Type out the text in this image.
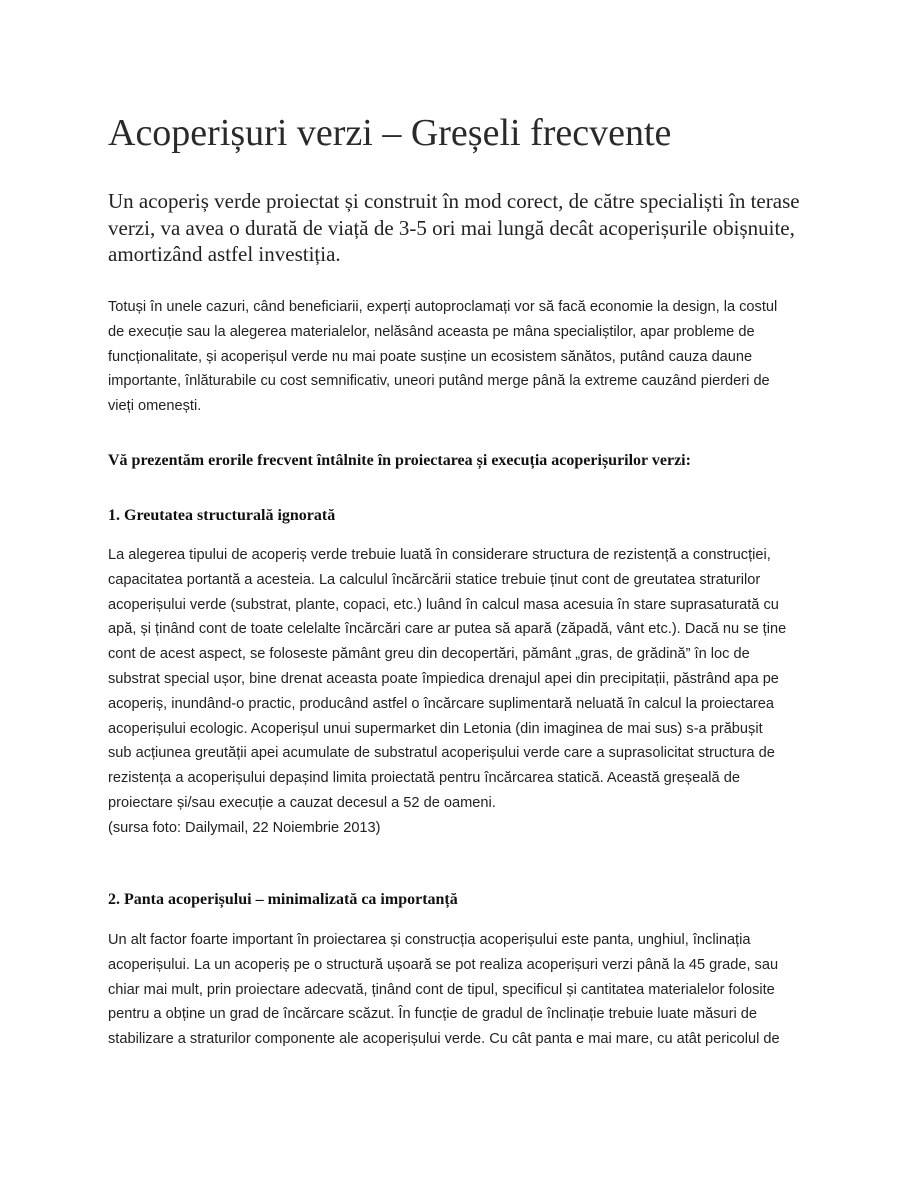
Acoperișuri verzi – Greșeli frecvente
Un acoperiș verde proiectat și construit în mod corect, de către specialiști în terase
verzi, va avea o durată de viață de 3-5 ori mai lungă decât acoperișurile obișnuite,
amortizând astfel investiția.
Totuși în unele cazuri, când beneficiarii, experți autoproclamați vor să facă economie la design, la costul
de execuție sau la alegerea materialelor, nelăsând aceasta pe mâna specialiștilor, apar probleme de
funcționalitate, și acoperișul verde nu mai poate susține un ecosistem sănătos, putând cauza daune
importante, înlăturabile cu cost semnificativ, uneori putând merge până la extreme cauzând pierderi de
vieți omenești.
Vă prezentăm erorile frecvent întâlnite în proiectarea și execuția acoperișurilor verzi:
1. Greutatea structurală ignorată
La alegerea tipului de acoperiș verde trebuie luată în considerare structura de rezistență a construcției,
capacitatea portantă a acesteia. La calculul încărcării statice trebuie ținut cont de greutatea straturilor
acoperișului verde (substrat, plante, copaci, etc.) luând în calcul masa acesuia în stare suprasaturată cu
apă, și ținând cont de toate celelalte încărcări care ar putea să apară (zăpadă, vânt etc.). Dacă nu se ține
cont de acest aspect, se foloseste pământ greu din decopertări, pământ „gras, de grădină” în loc de
substrat special ușor, bine drenat aceasta poate împiedica drenajul apei din precipitații, păstrând apa pe
acoperiș, inundând-o practic, producând astfel o încărcare suplimentară neluată în calcul la proiectarea
acoperișului ecologic. Acoperișul unui supermarket din Letonia (din imaginea de mai sus) s-a prăbușit
sub acțiunea greutății apei acumulate de substratul acoperișului verde care a suprasolicitat structura de
rezistența a acoperișului depașind limita proiectată pentru încărcarea statică. Această greșeală de
proiectare și/sau execuție a cauzat decesul a 52 de oameni.
(sursa foto: Dailymail, 22 Noiembrie 2013)
2. Panta acoperișului – minimalizată ca importanță
Un alt factor foarte important în proiectarea și construcția acoperișului este panta, unghiul, înclinația
acoperișului. La un acoperiș pe o structură ușoară se pot realiza acoperișuri verzi până la 45 grade, sau
chiar mai mult, prin proiectare adecvată, ținând cont de tipul, specificul și cantitatea materialelor folosite
pentru a obține un grad de încărcare scăzut. În funcție de gradul de înclinație trebuie luate măsuri de
stabilizare a straturilor componente ale acoperișului verde. Cu cât panta e mai mare, cu atât pericolul de
